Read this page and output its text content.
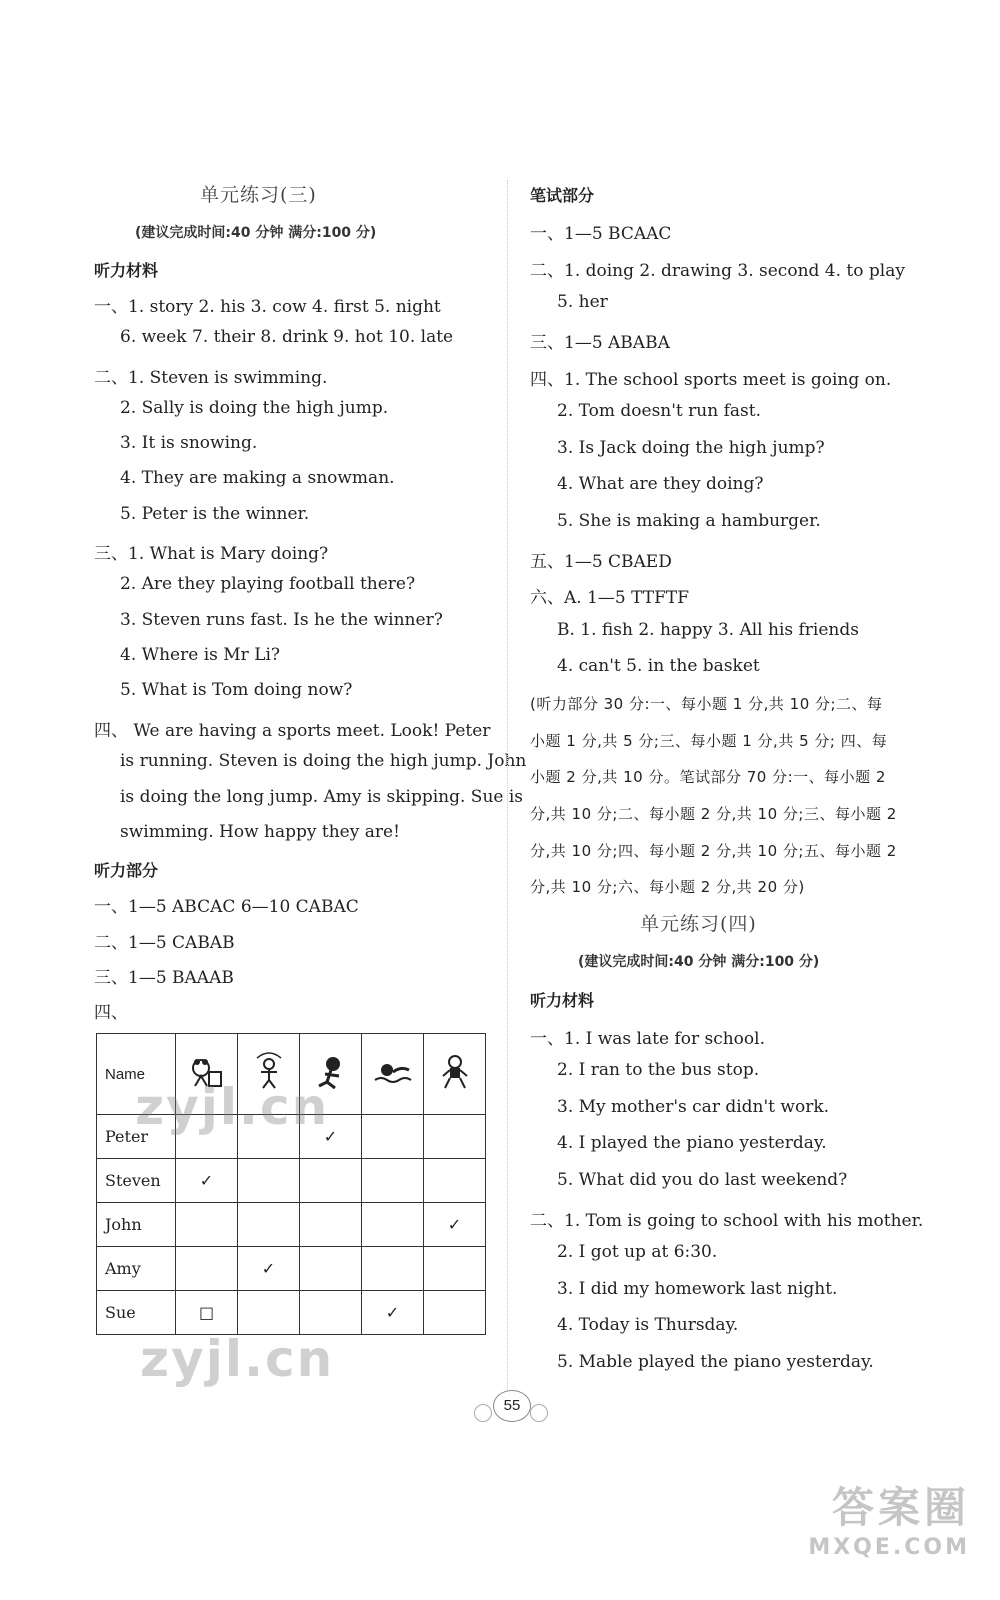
单元练习(三)
(建议完成时间:40 分钟 满分:100 分)
听力材料
一、1. story 2. his 3. cow 4. first 5. night
6. week 7. their 8. drink 9. hot 10. late
二、1. Steven is swimming.
2. Sally is doing the high jump.
3. It is snowing.
4. They are making a snowman.
5. Peter is the winner.
三、1. What is Mary doing?
2. Are they playing football there?
3. Steven runs fast. Is he the winner?
4. Where is Mr Li?
5. What is Tom doing now?
四、 We are having a sports meet. Look! Peter
is running. Steven is doing the high jump. John
is doing the long jump. Amy is skipping. Sue is
swimming. How happy they are!
听力部分
一、1—5 ABCAC 6—10 CABAC
二、1—5 CABAB
三、1—5 BAAAB
四、
Name					
Peter			✓		
Steven	✓				
John					✓
Amy		✓			
Sue	□			✓	
zyjl.cn
zyjl.cn
笔试部分
一、1—5 BCAAC
二、1. doing 2. drawing 3. second 4. to play
5. her
三、1—5 ABABA
四、1. The school sports meet is going on.
2. Tom doesn't run fast.
3. Is Jack doing the high jump?
4. What are they doing?
5. She is making a hamburger.
五、1—5 CBAED
六、A. 1—5 TTFTF
B. 1. fish 2. happy 3. All his friends
4. can't 5. in the basket
(听力部分 30 分:一、每小题 1 分,共 10 分;二、每
小题 1 分,共 5 分;三、每小题 1 分,共 5 分; 四、每
小题 2 分,共 10 分。笔试部分 70 分:一、每小题 2
分,共 10 分;二、每小题 2 分,共 10 分;三、每小题 2
分,共 10 分;四、每小题 2 分,共 10 分;五、每小题 2
分,共 10 分;六、每小题 2 分,共 20 分)
单元练习(四)
(建议完成时间:40 分钟 满分:100 分)
听力材料
一、1. I was late for school.
2. I ran to the bus stop.
3. My mother's car didn't work.
4. I played the piano yesterday.
5. What did you do last weekend?
二、1. Tom is going to school with his mother.
2. I got up at 6:30.
3. I did my homework last night.
4. Today is Thursday.
5. Mable played the piano yesterday.
55
答案圈
MXQE.COM
